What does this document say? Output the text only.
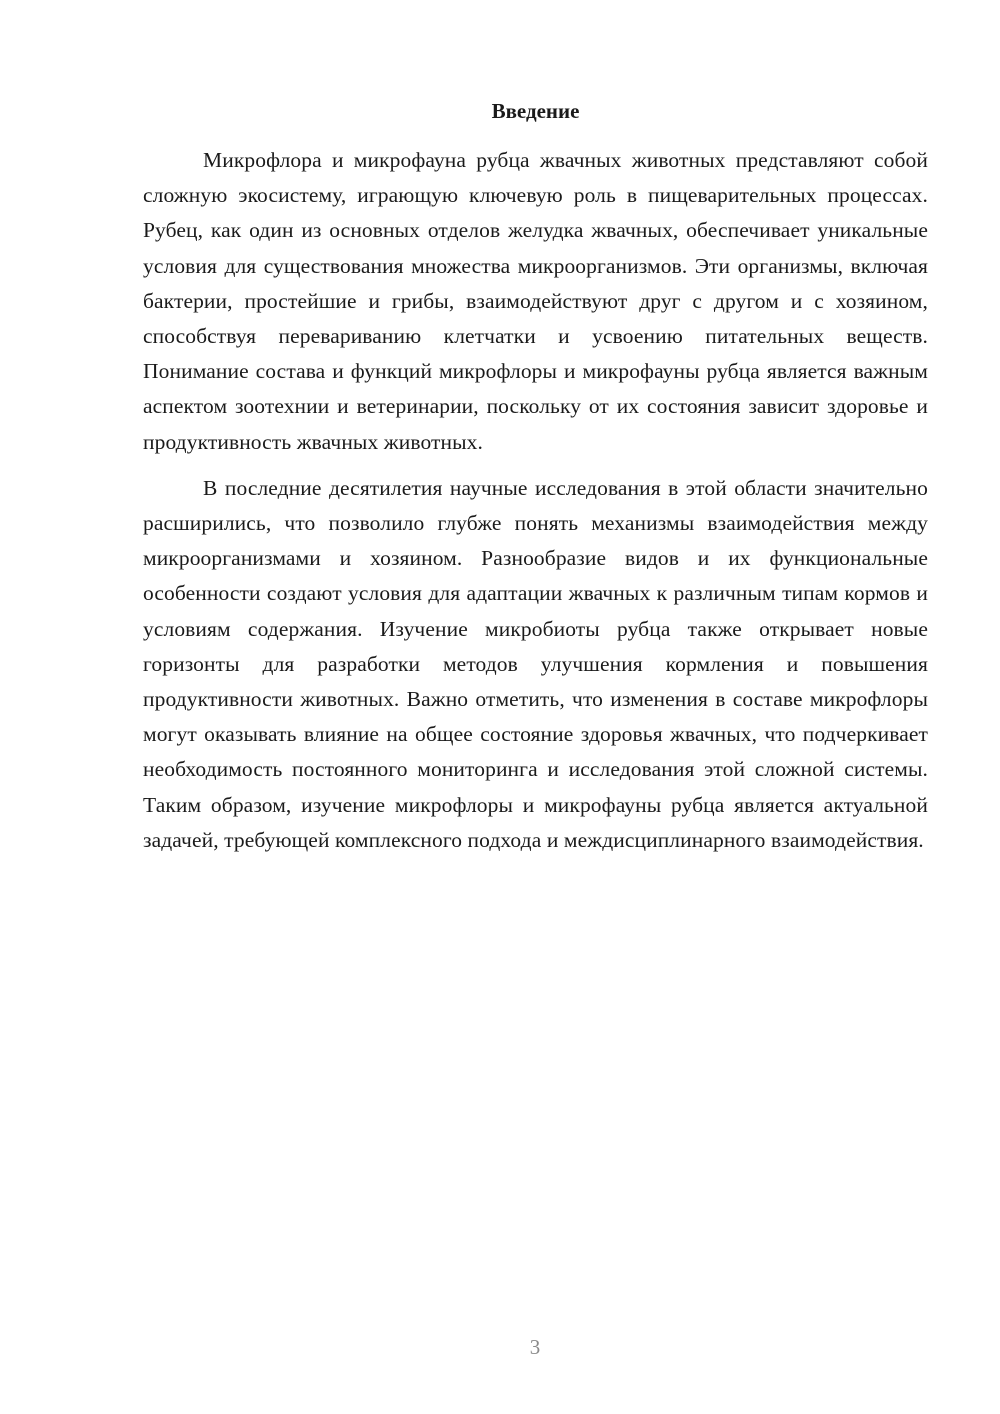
Введение

Микрофлора и микрофауна рубца жвачных животных представляют собой сложную экосистему, играющую ключевую роль в пищеварительных процессах. Рубец, как один из основных отделов желудка жвачных, обеспечивает уникальные условия для существования множества микроорганизмов. Эти организмы, включая бактерии, простейшие и грибы, взаимодействуют друг с другом и с хозяином, способствуя перевариванию клетчатки и усвоению питательных веществ. Понимание состава и функций микрофлоры и микрофауны рубца является важным аспектом зоотехнии и ветеринарии, поскольку от их состояния зависит здоровье и продуктивность жвачных животных.

В последние десятилетия научные исследования в этой области значительно расширились, что позволило глубже понять механизмы взаимодействия между микроорганизмами и хозяином. Разнообразие видов и их функциональные особенности создают условия для адаптации жвачных к различным типам кормов и условиям содержания. Изучение микробиоты рубца также открывает новые горизонты для разработки методов улучшения кормления и повышения продуктивности животных. Важно отметить, что изменения в составе микрофлоры могут оказывать влияние на общее состояние здоровья жвачных, что подчеркивает необходимость постоянного мониторинга и исследования этой сложной системы. Таким образом, изучение микрофлоры и микрофауны рубца является актуальной задачей, требующей комплексного подхода и междисциплинарного взаимодействия.

3
